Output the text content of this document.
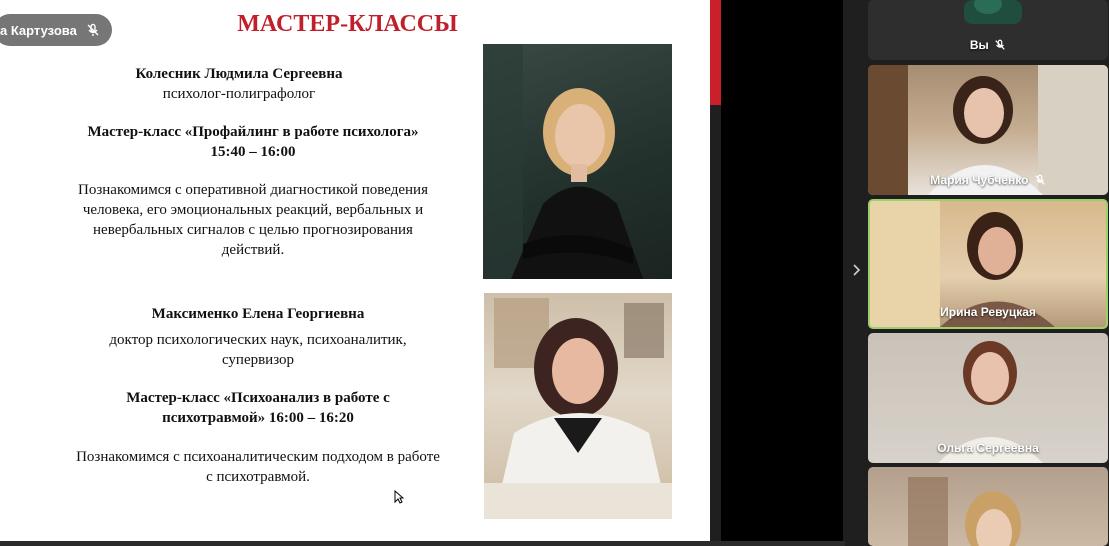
МАСТЕР-КЛАССЫ
Колесник Людмила Сергеевна
психолог-полиграфолог
Мастер-класс «Профайлинг в работе психолога»
15:40 – 16:00
Познакомимся с оперативной диагностикой поведения
человека, его эмоциональных реакций, вербальных и
невербальных сигналов с целью прогнозирования
действий.
Максименко Елена Георгиевна
доктор психологических наук, психоаналитик,
супервизор
Мастер-класс «Психоанализ в работе с
психотравмой» 16:00 – 16:20
Познакомимся с психоаналитическим подходом в работе
с психотравмой.
а Картузова
Вы
Мария Чубченко
Ирина Ревуцкая
Ольга Сергеевна
